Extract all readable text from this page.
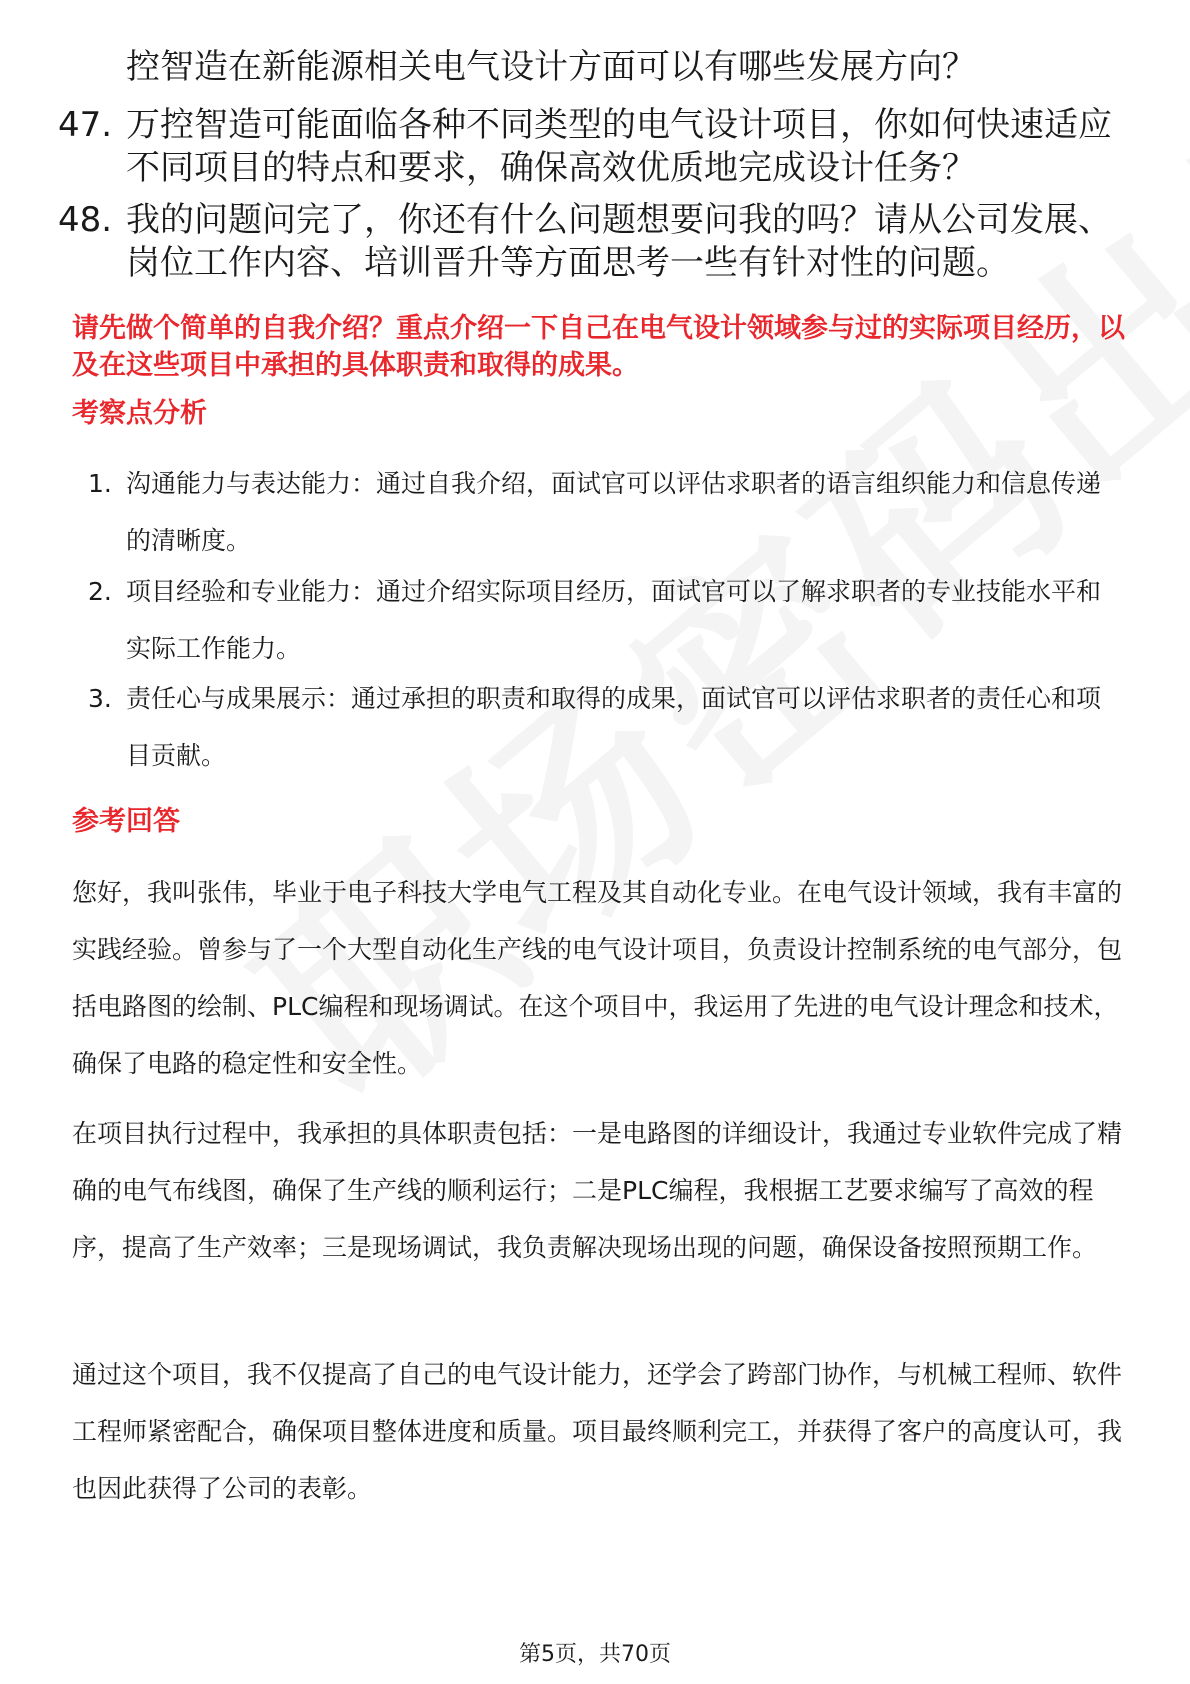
控智造在新能源相关电气设计方面可以有哪些发展方向？
47. 万控智造可能面临各种不同类型的电气设计项目，你如何快速适应不同项目的特点和要求，确保高效优质地完成设计任务？
48. 我的问题问完了，你还有什么问题想要问我的吗？请从公司发展、岗位工作内容、培训晋升等方面思考一些有针对性的问题。
请先做个简单的自我介绍？重点介绍一下自己在电气设计领域参与过的实际项目经历，以及在这些项目中承担的具体职责和取得的成果。
考察点分析
1. 沟通能力与表达能力：通过自我介绍，面试官可以评估求职者的语言组织能力和信息传递的清晰度。
2. 项目经验和专业能力：通过介绍实际项目经历，面试官可以了解求职者的专业技能水平和实际工作能力。
3. 责任心与成果展示：通过承担的职责和取得的成果，面试官可以评估求职者的责任心和项目贡献。
参考回答
您好，我叫张伟，毕业于电子科技大学电气工程及其自动化专业。在电气设计领域，我有丰富的实践经验。曾参与了一个大型自动化生产线的电气设计项目，负责设计控制系统的电气部分，包括电路图的绘制、PLC编程和现场调试。在这个项目中，我运用了先进的电气设计理念和技术，确保了电路的稳定性和安全性。
在项目执行过程中，我承担的具体职责包括：一是电路图的详细设计，我通过专业软件完成了精确的电气布线图，确保了生产线的顺利运行；二是PLC编程，我根据工艺要求编写了高效的程序，提高了生产效率；三是现场调试，我负责解决现场出现的问题，确保设备按照预期工作。
通过这个项目，我不仅提高了自己的电气设计能力，还学会了跨部门协作，与机械工程师、软件工程师紧密配合，确保项目整体进度和质量。项目最终顺利完工，并获得了客户的高度认可，我也因此获得了公司的表彰。
第5页，共70页
